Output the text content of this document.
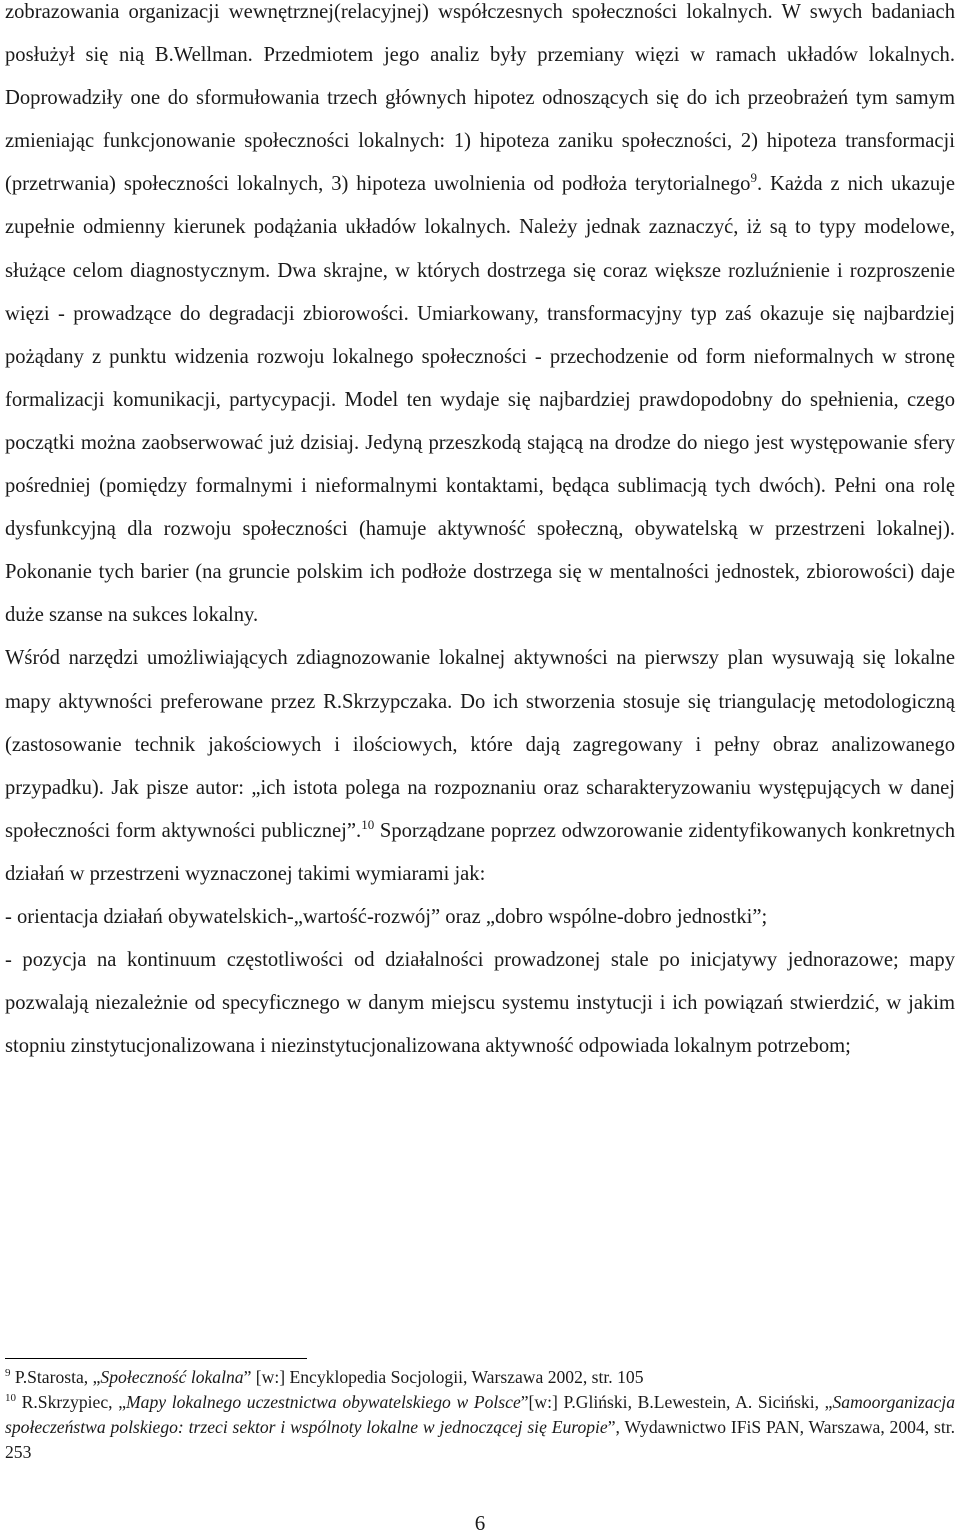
zobrazowania organizacji wewnętrznej(relacyjnej) współczesnych społeczności lokalnych. W swych badaniach posłużył się nią B.Wellman. Przedmiotem jego analiz były przemiany więzi w ramach układów lokalnych. Doprowadziły one do sformułowania trzech głównych hipotez odnoszących się do ich przeobrażeń tym samym zmieniając funkcjonowanie społeczności lokalnych: 1) hipoteza zaniku społeczności, 2) hipoteza transformacji (przetrwania) społeczności lokalnych, 3) hipoteza uwolnienia od podłoża terytorialnego$^9$. Każda z nich ukazuje zupełnie odmienny kierunek podążania układów lokalnych. Należy jednak zaznaczyć, iż są to typy modelowe, służące celom diagnostycznym. Dwa skrajne, w których dostrzega się coraz większe rozluźnienie i rozproszenie więzi - prowadzące do degradacji zbiorowości. Umiarkowany, transformacyjny typ zaś okazuje się najbardziej pożądany z punktu widzenia rozwoju lokalnego społeczności - przechodzenie od form nieformalnych w stronę formalizacji komunikacji, partycypacji. Model ten wydaje się najbardziej prawdopodobny do spełnienia, czego początki można zaobserwować już dzisiaj. Jedyną przeszkodą stającą na drodze do niego jest występowanie sfery pośredniej (pomiędzy formalnymi i nieformalnymi kontaktami, będąca sublimacją tych dwóch). Pełni ona rolę dysfunkcyjną dla rozwoju społeczności (hamuje aktywność społeczną, obywatelską w przestrzeni lokalnej). Pokonanie tych barier (na gruncie polskim ich podłoże dostrzega się w mentalności jednostek, zbiorowości) daje duże szanse na sukces lokalny.

Wśród narzędzi umożliwiających zdiagnozowanie lokalnej aktywności na pierwszy plan wysuwają się lokalne mapy aktywności preferowane przez R.Skrzypczaka. Do ich stworzenia stosuje się triangulację metodologiczną (zastosowanie technik jakościowych i ilościowych, które dają zagregowany i pełny obraz analizowanego przypadku). Jak pisze autor: „ich istota polega na rozpoznaniu oraz scharakteryzowaniu występujących w danej społeczności form aktywności publicznej”.$^{10}$ Sporządzane poprzez odwzorowanie zidentyfikowanych konkretnych działań w przestrzeni wyznaczonej takimi wymiarami jak:

- orientacja działań obywatelskich-„wartość-rozwój” oraz „dobro wspólne-dobro jednostki”;

- pozycja na kontinuum częstotliwości od działalności prowadzonej stale po inicjatywy jednorazowe; mapy pozwalają niezależnie od specyficznego w danym miejscu systemu instytucji i ich powiązań stwierdzić, w jakim stopniu zinstytucjonalizowana i niezinstytucjonalizowana aktywność odpowiada lokalnym potrzebom;

$^9$ P.Starosta, „Społeczność lokalna” [w:] Encyklopedia Socjologii, Warszawa 2002, str. 105

$^{10}$ R.Skrzypiec, „Mapy lokalnego uczestnictwa obywatelskiego w Polsce”[w:] P.Gliński, B.Lewestein, A. Siciński, „Samoorganizacja społeczeństwa polskiego: trzeci sektor i wspólnoty lokalne w jednoczącej się Europie”, Wydawnictwo IFiS PAN, Warszawa, 2004, str. 253

6
